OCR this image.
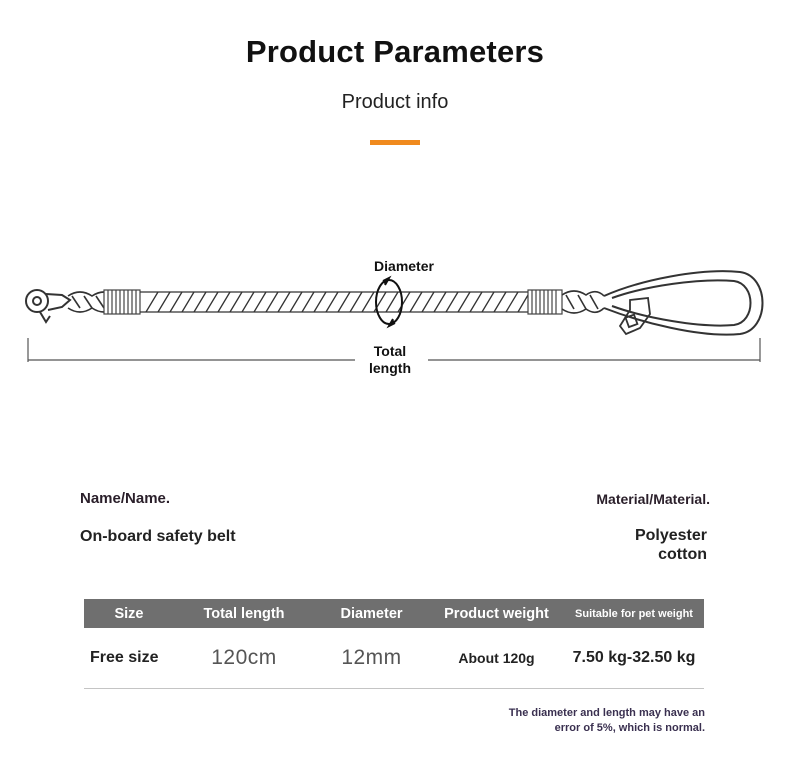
Product Parameters
Product info
Diameter
Total
length
Name/Name.
On-board safety belt
Material/Material.
Polyester
cotton
Size	Total length	Diameter	Product weight	Suitable for pet weight
Free size	120cm	12mm	About 120g	7.50 kg-32.50 kg
The diameter and length may have an
error of 5%, which is normal.
